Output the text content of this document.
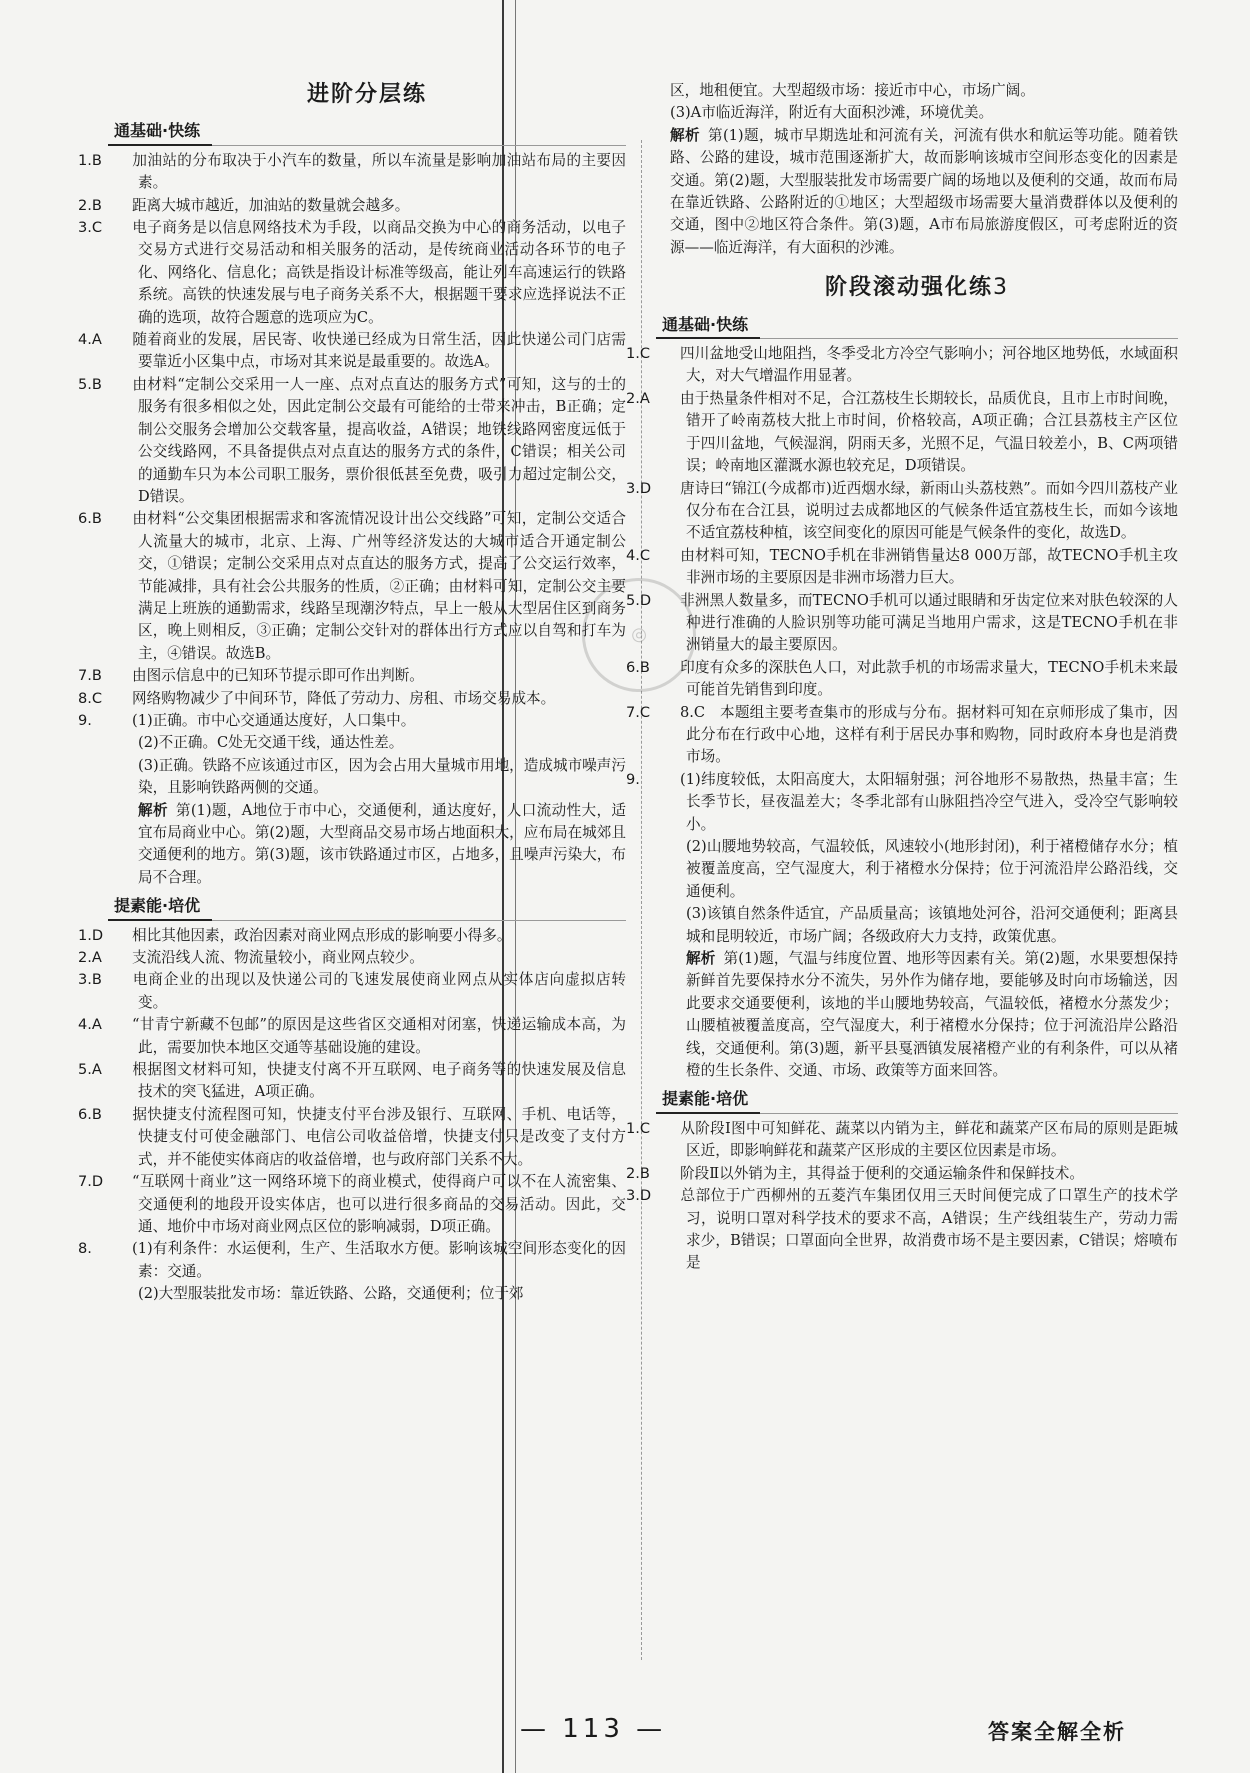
进阶分层练
通基础·快练

1.B 加油站的分布取决于小汽车的数量，所以车流量是影响加油站布局的主要因素。

2.B 距离大城市越近，加油站的数量就会越多。

3.C 电子商务是以信息网络技术为手段，以商品交换为中心的商务活动，以电子交易方式进行交易活动和相关服务的活动，是传统商业活动各环节的电子化、网络化、信息化；高铁是指设计标准等级高，能让列车高速运行的铁路系统。高铁的快速发展与电子商务关系不大，根据题干要求应选择说法不正确的选项，故符合题意的选项应为C。

4.A 随着商业的发展，居民寄、收快递已经成为日常生活，因此快递公司门店需要靠近小区集中点，市场对其来说是最重要的。故选A。

5.B 由材料“定制公交采用一人一座、点对点直达的服务方式”可知，这与的士的服务有很多相似之处，因此定制公交最有可能给的士带来冲击，B正确；定制公交服务会增加公交载客量，提高收益，A错误；地铁线路网密度远低于公交线路网，不具备提供点对点直达的服务方式的条件，C错误；相关公司的通勤车只为本公司职工服务，票价很低甚至免费，吸引力超过定制公交，D错误。

6.B 由材料“公交集团根据需求和客流情况设计出公交线路”可知，定制公交适合人流量大的城市，北京、上海、广州等经济发达的大城市适合开通定制公交，①错误；定制公交采用点对点直达的服务方式，提高了公交运行效率，节能减排，具有社会公共服务的性质，②正确；由材料可知，定制公交主要满足上班族的通勤需求，线路呈现潮汐特点，早上一般从大型居住区到商务区，晚上则相反，③正确；定制公交针对的群体出行方式应以自驾和打车为主，④错误。故选B。

7.B 由图示信息中的已知环节提示即可作出判断。

8.C 网络购物减少了中间环节，降低了劳动力、房租、市场交易成本。

9.	(1)正确。市中心交通通达度好，人口集中。

(2)不正确。C处无交通干线，通达性差。

(3)正确。铁路不应该通过市区，因为会占用大量城市用地，造成城市噪声污染，且影响铁路两侧的交通。

解析 第(1)题，A地位于市中心，交通便利，通达度好，人口流动性大，适宜布局商业中心。第(2)题，大型商品交易市场占地面积大，应布局在城郊且交通便利的地方。第(3)题，该市铁路通过市区，占地多，且噪声污染大，布局不合理。

提素能·培优

1.D 相比其他因素，政治因素对商业网点形成的影响要小得多。

2.A 支流沿线人流、物流量较小，商业网点较少。

3.B 电商企业的出现以及快递公司的飞速发展使商业网点从实体店向虚拟店转变。

4.A “甘青宁新藏不包邮”的原因是这些省区交通相对闭塞，快递运输成本高，为此，需要加快本地区交通等基础设施的建设。

5.A 根据图文材料可知，快捷支付离不开互联网、电子商务等的快速发展及信息技术的突飞猛进，A项正确。

6.B 据快捷支付流程图可知，快捷支付平台涉及银行、互联网、手机、电话等，快捷支付可使金融部门、电信公司收益倍增，快捷支付只是改变了支付方式，并不能使实体商店的收益倍增，也与政府部门关系不大。

7.D “互联网十商业”这一网络环境下的商业模式，使得商户可以不在人流密集、交通便利的地段开设实体店，也可以进行很多商品的交易活动。因此，交通、地价中市场对商业网点区位的影响减弱，D项正确。

8.	(1)有利条件：水运便利，生产、生活取水方便。影响该城空间形态变化的因素：交通。

(2)大型服装批发市场：靠近铁路、公路，交通便利；位于郊

区，地租便宜。大型超级市场：接近市中心，市场广阔。

(3)A市临近海洋，附近有大面积沙滩，环境优美。

解析 第(1)题，城市早期选址和河流有关，河流有供水和航运等功能。随着铁路、公路的建设，城市范围逐渐扩大，故而影响该城市空间形态变化的因素是交通。第(2)题，大型服装批发市场需要广阔的场地以及便利的交通，故而布局在靠近铁路、公路附近的①地区；大型超级市场需要大量消费群体以及便利的交通，图中②地区符合条件。第(3)题，A市布局旅游度假区，可考虑附近的资源——临近海洋，有大面积的沙滩。

阶段滚动强化练3
通基础·快练

1.C 四川盆地受山地阻挡，冬季受北方冷空气影响小；河谷地区地势低，水域面积大，对大气增温作用显著。

2.A 由于热量条件相对不足，合江荔枝生长期较长，品质优良，且市上市时间晚，错开了岭南荔枝大批上市时间，价格较高，A项正确；合江县荔枝主产区位于四川盆地，气候湿润，阴雨天多，光照不足，气温日较差小，B、C两项错误；岭南地区灌溉水源也较充足，D项错误。

3.D 唐诗曰“锦江(今成都市)近西烟水绿，新雨山头荔枝熟”。而如今四川荔枝产业仅分布在合江县，说明过去成都地区的气候条件适宜荔枝生长，而如今该地不适宜荔枝种植，该空间变化的原因可能是气候条件的变化，故选D。

4.C 由材料可知，TECNO手机在非洲销售量达8 000万部，故TECNO手机主攻非洲市场的主要原因是非洲市场潜力巨大。

5.D 非洲黑人数量多，而TECNO手机可以通过眼睛和牙齿定位来对肤色较深的人种进行准确的人脸识别等功能可满足当地用户需求，这是TECNO手机在非洲销量大的最主要原因。

6.B 印度有众多的深肤色人口，对此款手机的市场需求量大，TECNO手机未来最可能首先销售到印度。

7.C 8.C　本题组主要考查集市的形成与分布。据材料可知在京师形成了集市，因此分布在行政中心地，这样有利于居民办事和购物，同时政府本身也是消费市场。

9.	(1)纬度较低，太阳高度大，太阳辐射强；河谷地形不易散热，热量丰富；生长季节长，昼夜温差大；冬季北部有山脉阻挡冷空气进入，受冷空气影响较小。

(2)山腰地势较高，气温较低，风速较小(地形封闭)，利于褚橙储存水分；植被覆盖度高，空气湿度大，利于褚橙水分保持；位于河流沿岸公路沿线，交通便利。

(3)该镇自然条件适宜，产品质量高；该镇地处河谷，沿河交通便利；距离县城和昆明较近，市场广阔；各级政府大力支持，政策优惠。

解析 第(1)题，气温与纬度位置、地形等因素有关。第(2)题，水果要想保持新鲜首先要保持水分不流失，另外作为储存地，要能够及时向市场输送，因此要求交通要便利，该地的半山腰地势较高，气温较低，褚橙水分蒸发少；山腰植被覆盖度高，空气湿度大，利于褚橙水分保持；位于河流沿岸公路沿线，交通便利。第(3)题，新平县戛洒镇发展褚橙产业的有利条件，可以从褚橙的生长条件、交通、市场、政策等方面来回答。

提素能·培优

1.C 从阶段Ⅰ图中可知鲜花、蔬菜以内销为主，鲜花和蔬菜产区布局的原则是距城区近，即影响鲜花和蔬菜产区形成的主要区位因素是市场。

2.B 阶段Ⅱ以外销为主，其得益于便利的交通运输条件和保鲜技术。

3.D 总部位于广西柳州的五菱汽车集团仅用三天时间便完成了口罩生产的技术学习，说明口罩对科学技术的要求不高，A错误；生产线组装生产，劳动力需求少，B错误；口罩面向全世界，故消费市场不是主要因素，C错误；熔喷布是

◎
— 113 —	答案全解全析
